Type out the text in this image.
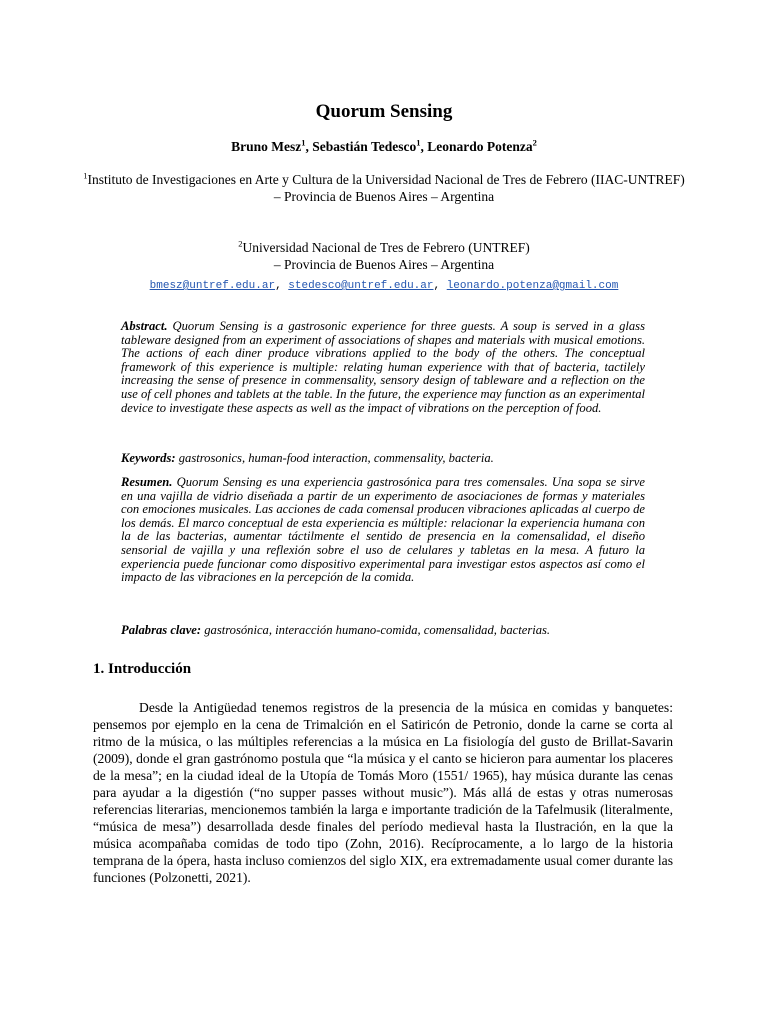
Quorum Sensing
Bruno Mesz$^1$, Sebastián Tedesco$^1$, Leonardo Potenza$^2$
$^1$Instituto de Investigaciones en Arte y Cultura de la Universidad Nacional de Tres de Febrero (IIAC-UNTREF)
– Provincia de Buenos Aires – Argentina
$^2$Universidad Nacional de Tres de Febrero (UNTREF)
– Provincia de Buenos Aires – Argentina
bmesz@untref.edu.ar, stedesco@untref.edu.ar, leonardo.potenza@gmail.com
Abstract. Quorum Sensing is a gastrosonic experience for three guests. A soup is served in a glass tableware designed from an experiment of associations of shapes and materials with musical emotions. The actions of each diner produce vibrations applied to the body of the others. The conceptual framework of this experience is multiple: relating human experience with that of bacteria, tactilely increasing the sense of presence in commensality, sensory design of tableware and a reflection on the use of cell phones and tablets at the table. In the future, the experience may function as an experimental device to investigate these aspects as well as the impact of vibrations on the perception of food.
Keywords: gastrosonics, human-food interaction, commensality, bacteria.
Resumen. Quorum Sensing es una experiencia gastrosónica para tres comensales. Una sopa se sirve en una vajilla de vidrio diseñada a partir de un experimento de asociaciones de formas y materiales con emociones musicales. Las acciones de cada comensal producen vibraciones aplicadas al cuerpo de los demás. El marco conceptual de esta experiencia es múltiple: relacionar la experiencia humana con la de las bacterias, aumentar táctilmente el sentido de presencia en la comensalidad, el diseño sensorial de vajilla y una reflexión sobre el uso de celulares y tabletas en la mesa. A futuro la experiencia puede funcionar como dispositivo experimental para investigar estos aspectos así como el impacto de las vibraciones en la percepción de la comida.
Palabras clave: gastrosónica, interacción humano-comida, comensalidad, bacterias.
1. Introducción
Desde la Antigüedad tenemos registros de la presencia de la música en comidas y banquetes: pensemos por ejemplo en la cena de Trimalción en el Satiricón de Petronio, donde la carne se corta al ritmo de la música, o las múltiples referencias a la música en La fisiología del gusto de Brillat-Savarin (2009), donde el gran gastrónomo postula que “la música y el canto se hicieron para aumentar los placeres de la mesa”; en la ciudad ideal de la Utopía de Tomás Moro (1551/ 1965), hay música durante las cenas para ayudar a la digestión (“no supper passes without music”). Más allá de estas y otras numerosas referencias literarias, mencionemos también la larga e importante tradición de la Tafelmusik (literalmente, “música de mesa”) desarrollada desde finales del período medieval hasta la Ilustración, en la que la música acompañaba comidas de todo tipo (Zohn, 2016). Recíprocamente, a lo largo de la historia temprana de la ópera, hasta incluso comienzos del siglo XIX, era extremadamente usual comer durante las funciones (Polzonetti, 2021).
